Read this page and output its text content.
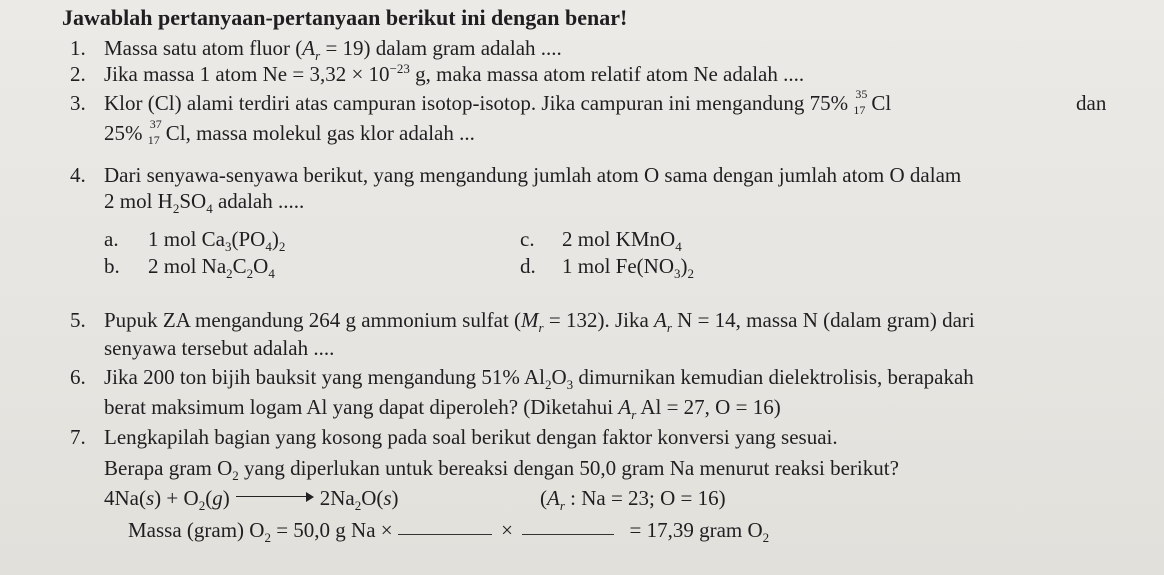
Jawablah pertanyaan-pertanyaan berikut ini dengan benar!
1. Massa satu atom fluor $(A_r = 19)$ dalam gram adalah ....
2. Jika massa 1 atom $Ne = 3,32 \times 10^{-23}$ g, maka massa atom relatif atom Ne adalah ....
3. Klor (Cl) alami terdiri atas campuran isotop-isotop. Jika campuran ini mengandung 75% 35
17 Cl	dan
25% 37
17 Cl, massa molekul gas klor adalah ...
4. Dari senyawa-senyawa berikut, yang mengandung jumlah atom O sama dengan jumlah atom O dalam
2 mol $H_2SO_4$ adalah .....
a. 1 mol $Ca_3(PO_4)_2$
b. 2 mol $Na_2C_2O_4$
c. 2 mol KMnO$_4$
d. 1 mol $Fe(NO_3)_2$
5. Pupuk ZA mengandung 264 g ammonium sulfat $(M_r = 132)$. Jika $A_r$ N = 14, massa N (dalam gram) dari
senyawa tersebut adalah ....
6. Jika 200 ton bijih bauksit yang mengandung 51% $Al_2O_3$ dimurnikan kemudian dielektrolisis, berapakah
berat maksimum logam Al yang dapat diperoleh? (Diketahui $A_r$ Al = 27, O = 16)
7. Lengkapilah bagian yang kosong pada soal berikut dengan faktor konversi yang sesuai.
Berapa gram $O_2$ yang diperlukan untuk bereaksi dengan 50,0 gram Na menurut reaksi berikut?
$4Na(s) + O_2(g)$	$2Na_2O(s)$	($A_r$ : Na = 23; O = 16)
Massa (gram) $O_2 = 50,0$ g Na ×	×	= 17,39 gram $O_2$
